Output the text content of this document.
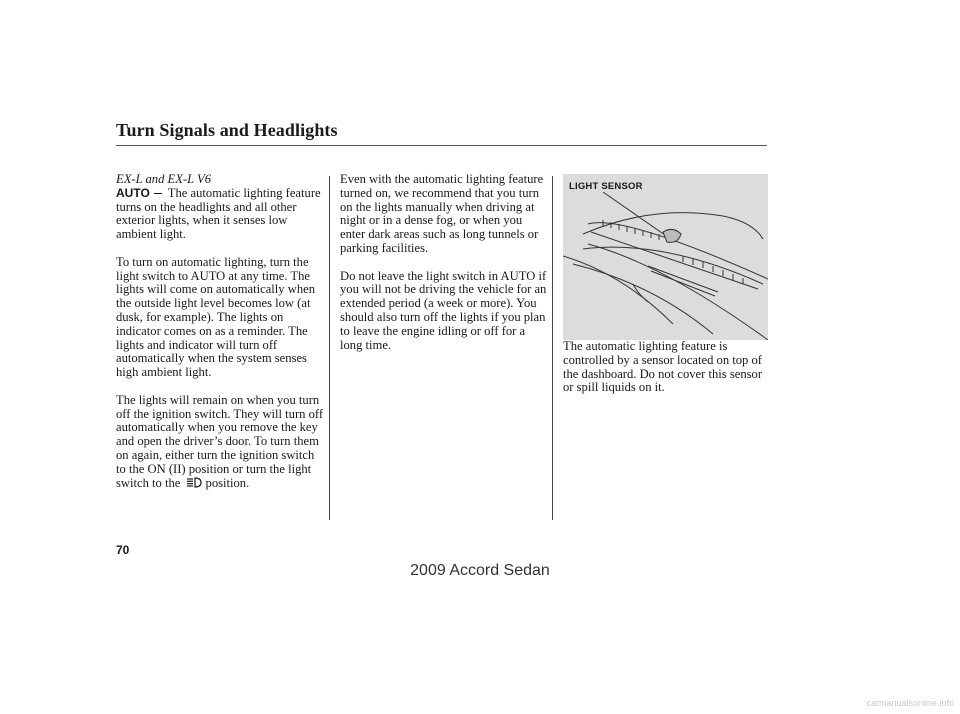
Turn Signals and Headlights
EX-L and EX-L V6

AUTO The automatic lighting feature turns on the headlights and all other exterior lights, when it senses low ambient light.

To turn on automatic lighting, turn the light switch to AUTO at any time. The lights will come on automatically when the outside light level becomes low (at dusk, for example). The lights on indicator comes on as a reminder. The lights and indicator will turn off automatically when the system senses high ambient light.

The lights will remain on when you turn off the ignition switch. They will turn off automatically when you remove the key and open the driver’s door. To turn them on again, either turn the ignition switch to the ON (II) position or turn the light switch to the position.

Even with the automatic lighting feature turned on, we recommend that you turn on the lights manually when driving at night or in a dense fog, or when you enter dark areas such as long tunnels or parking facilities.

Do not leave the light switch in AUTO if you will not be driving the vehicle for an extended period (a week or more). You should also turn off the lights if you plan to leave the engine idling or off for a long time.

LIGHT SENSOR

The automatic lighting feature is controlled by a sensor located on top of the dashboard. Do not cover this sensor or spill liquids on it.

70
2009 Accord Sedan
carmanualsonline.info
